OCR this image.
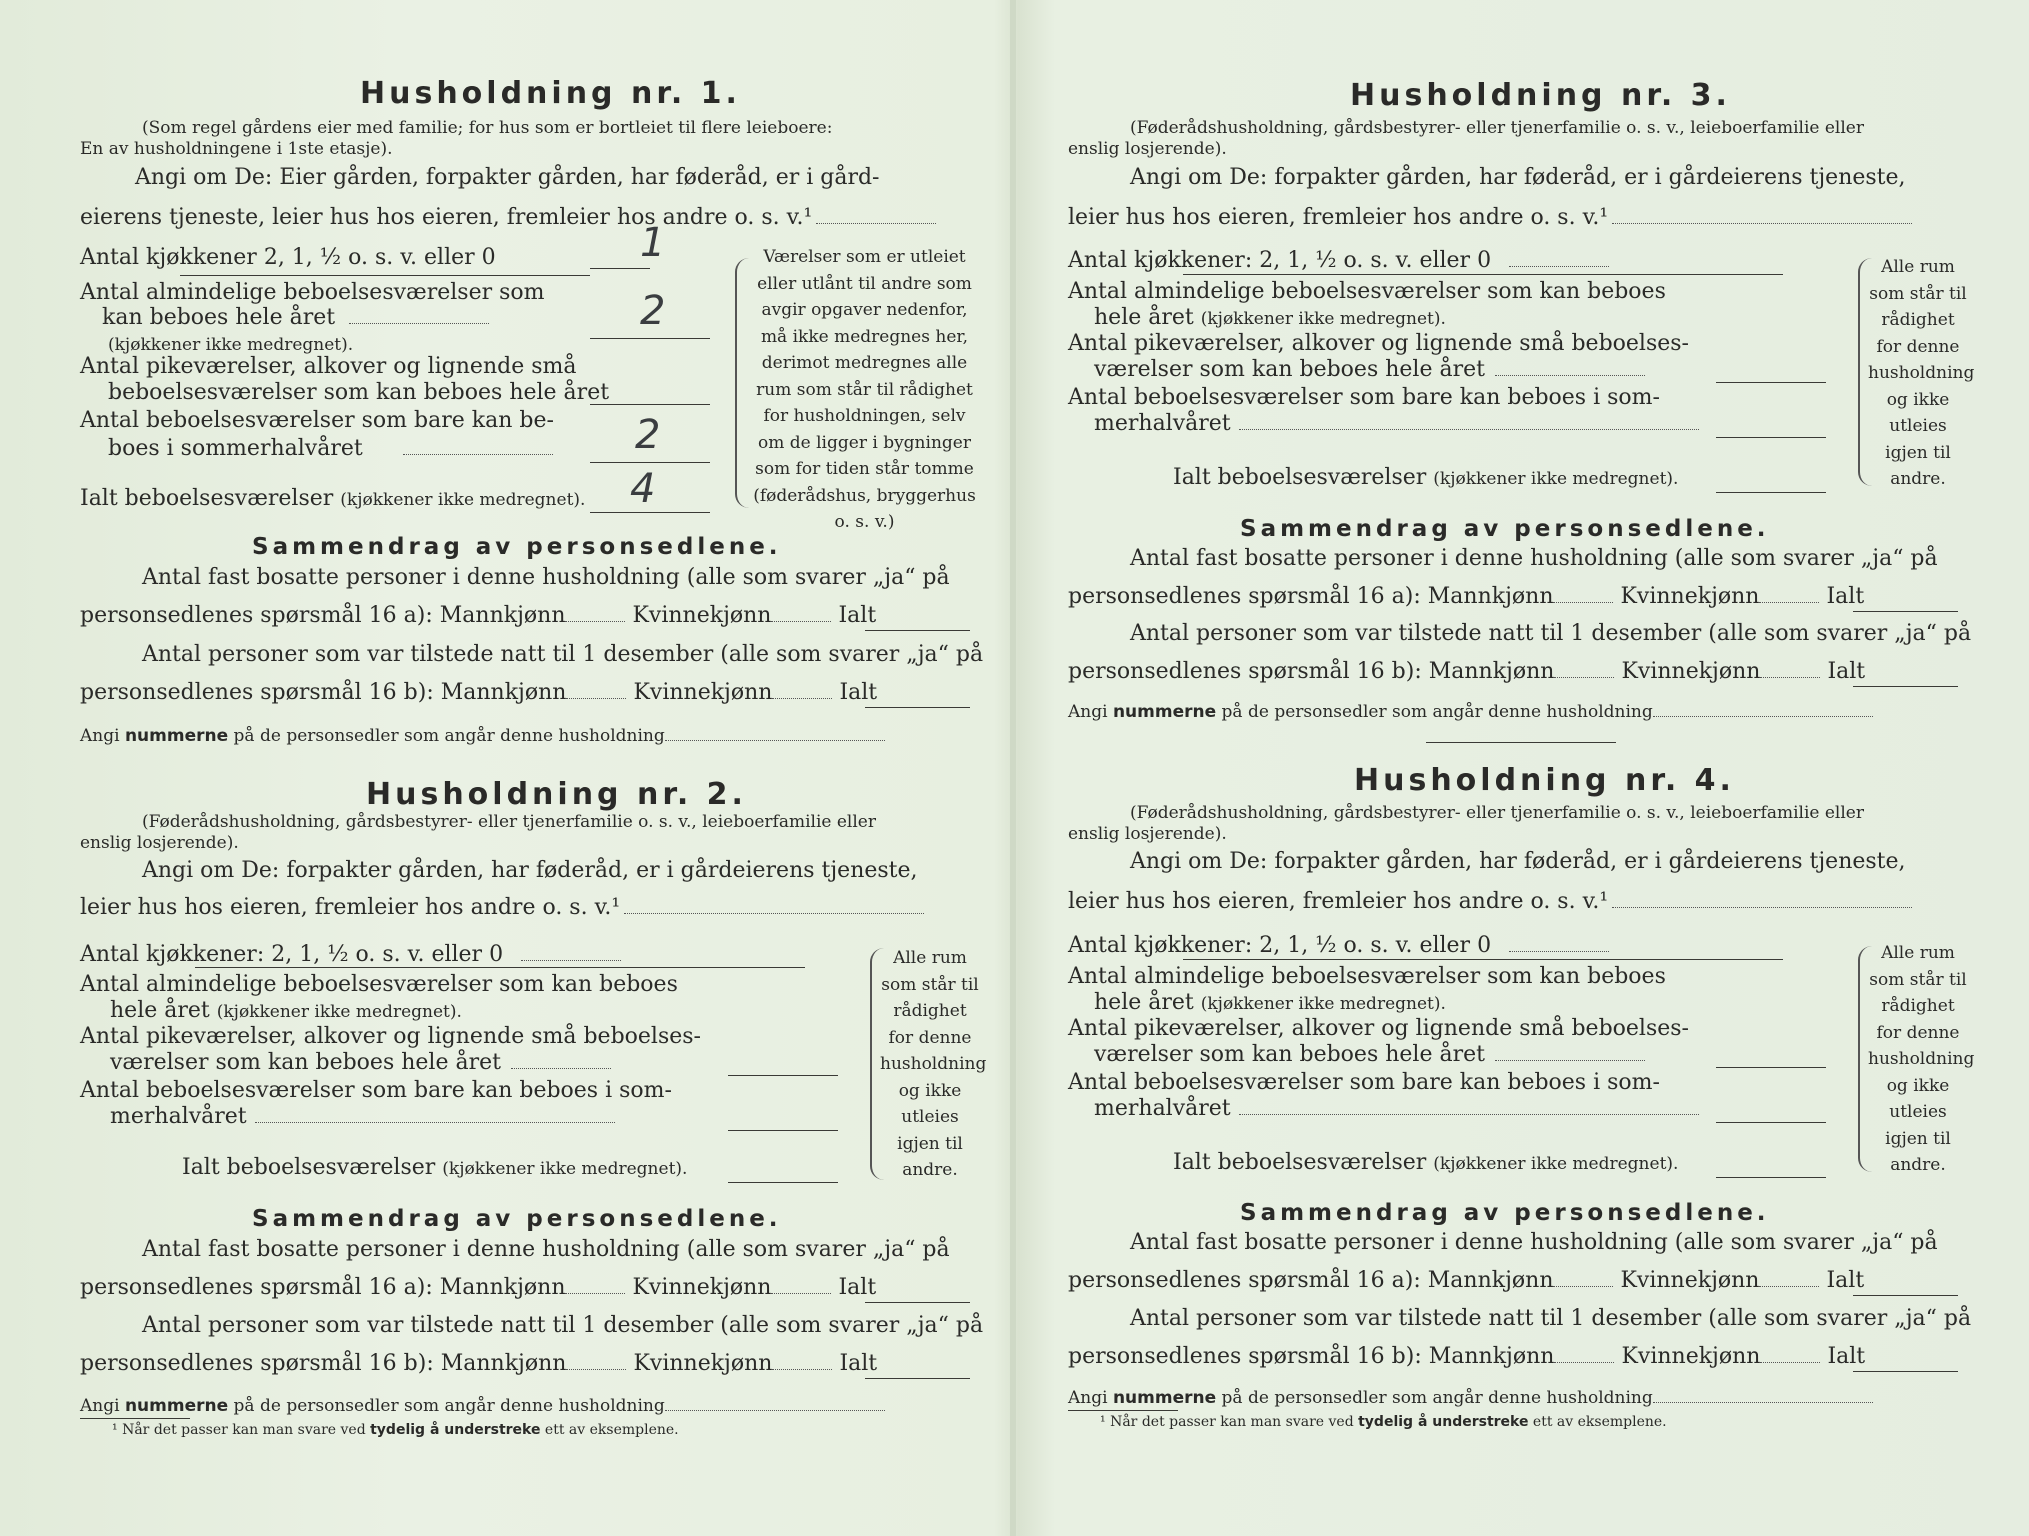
Husholdning nr. 1.
(Som regel gårdens eier med familie; for hus som er bortleiet til flere leieboere:
En av husholdningene i 1ste etasje).
Angi om De: Eier gården, forpakter gården, har føderåd, er i gård-
eierens tjeneste, leier hus hos eieren, fremleier hos andre o. s. v.¹
Antal kjøkkener 2, 1, ½ o. s. v. eller 0	1
Antal almindelige beboelsesværelser som
kan beboes hele året	2
(kjøkkener ikke medregnet).
Antal pikeværelser, alkover og lignende små
beboelsesværelser som kan beboes hele året
Antal beboelsesværelser som bare kan be-
boes i sommerhalvåret	2
Ialt beboelsesværelser (kjøkkener ikke medregnet). 4
Værelser som er utleiet eller utlånt til andre som avgir opgaver nedenfor, må ikke medregnes her, derimot medregnes alle rum som står til rådighet for husholdningen, selv om de ligger i bygninger som for tiden står tomme (føderådshus, bryggerhus o. s. v.)
Sammendrag av personsedlene.
Antal fast bosatte personer i denne husholdning (alle som svarer „ja“ på
personsedlenes spørsmål 16 a): Mannkjønn	Kvinnekjønn	Ialt
Antal personer som var tilstede natt til 1 desember (alle som svarer „ja“ på
personsedlenes spørsmål 16 b): Mannkjønn	Kvinnekjønn	Ialt
Angi nummerne på de personsedler som angår denne husholdning
Husholdning nr. 2.
(Føderådshusholdning, gårdsbestyrer- eller tjenerfamilie o. s. v., leieboerfamilie eller
enslig losjerende).
Angi om De: forpakter gården, har føderåd, er i gårdeierens tjeneste,
leier hus hos eieren, fremleier hos andre o. s. v.¹
Antal kjøkkener: 2, 1, ½ o. s. v. eller 0
Antal almindelige beboelsesværelser som kan beboes
hele året (kjøkkener ikke medregnet).
Antal pikeværelser, alkover og lignende små beboelses-
værelser som kan beboes hele året
Antal beboelsesværelser som bare kan beboes i som-
merhalvåret
Ialt beboelsesværelser (kjøkkener ikke medregnet).
Alle rum som står til rådighet for denne husholdning og ikke utleies igjen til andre.
Sammendrag av personsedlene.
Antal fast bosatte personer i denne husholdning (alle som svarer „ja“ på
personsedlenes spørsmål 16 a): Mannkjønn	Kvinnekjønn	Ialt
Antal personer som var tilstede natt til 1 desember (alle som svarer „ja“ på
personsedlenes spørsmål 16 b): Mannkjønn	Kvinnekjønn	Ialt
Angi nummerne på de personsedler som angår denne husholdning
¹ Når det passer kan man svare ved tydelig å understreke ett av eksemplene.
Husholdning nr. 3.
(Føderådshusholdning, gårdsbestyrer- eller tjenerfamilie o. s. v., leieboerfamilie eller
enslig losjerende).
Angi om De: forpakter gården, har føderåd, er i gårdeierens tjeneste,
leier hus hos eieren, fremleier hos andre o. s. v.¹
Antal kjøkkener: 2, 1, ½ o. s. v. eller 0
Antal almindelige beboelsesværelser som kan beboes
hele året (kjøkkener ikke medregnet).
Antal pikeværelser, alkover og lignende små beboelses-
værelser som kan beboes hele året
Antal beboelsesværelser som bare kan beboes i som-
merhalvåret
Ialt beboelsesværelser (kjøkkener ikke medregnet).
Alle rum som står til rådighet for denne husholdning og ikke utleies igjen til andre.
Sammendrag av personsedlene.
Antal fast bosatte personer i denne husholdning (alle som svarer „ja“ på
personsedlenes spørsmål 16 a): Mannkjønn	Kvinnekjønn	Ialt
Antal personer som var tilstede natt til 1 desember (alle som svarer „ja“ på
personsedlenes spørsmål 16 b): Mannkjønn	Kvinnekjønn	Ialt
Angi nummerne på de personsedler som angår denne husholdning
Husholdning nr. 4.
(Føderådshusholdning, gårdsbestyrer- eller tjenerfamilie o. s. v., leieboerfamilie eller
enslig losjerende).
Angi om De: forpakter gården, har føderåd, er i gårdeierens tjeneste,
leier hus hos eieren, fremleier hos andre o. s. v.¹
Antal kjøkkener: 2, 1, ½ o. s. v. eller 0
Antal almindelige beboelsesværelser som kan beboes
hele året (kjøkkener ikke medregnet).
Antal pikeværelser, alkover og lignende små beboelses-
værelser som kan beboes hele året
Antal beboelsesværelser som bare kan beboes i som-
merhalvåret
Ialt beboelsesværelser (kjøkkener ikke medregnet).
Alle rum som står til rådighet for denne husholdning og ikke utleies igjen til andre.
Sammendrag av personsedlene.
Antal fast bosatte personer i denne husholdning (alle som svarer „ja“ på
personsedlenes spørsmål 16 a): Mannkjønn	Kvinnekjønn	Ialt
Antal personer som var tilstede natt til 1 desember (alle som svarer „ja“ på
personsedlenes spørsmål 16 b): Mannkjønn	Kvinnekjønn	Ialt
Angi nummerne på de personsedler som angår denne husholdning
¹ Når det passer kan man svare ved tydelig å understreke ett av eksemplene.
